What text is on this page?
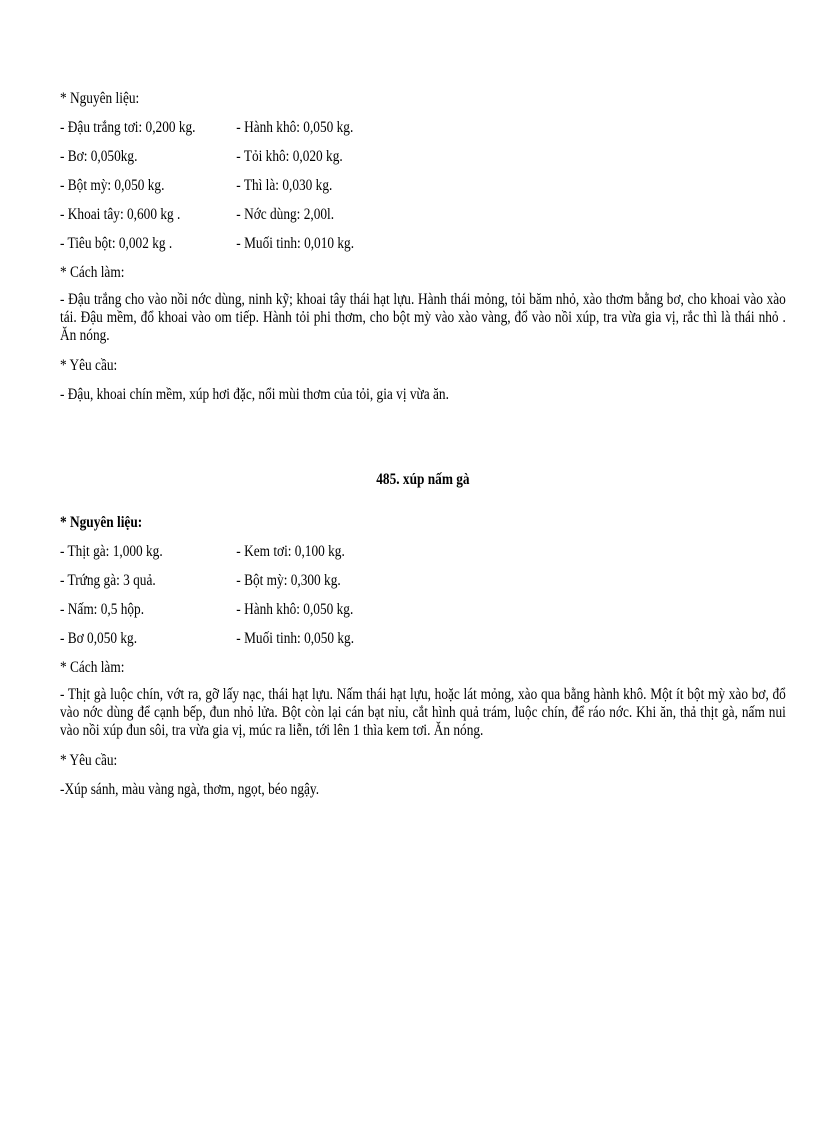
* Nguyên liệu:
- Đậu trắng tơi: 0,200 kg.	- Hành khô: 0,050 kg.
- Bơ: 0,050kg.	- Tỏi khô: 0,020 kg.
- Bột mỳ: 0,050 kg.	- Thì là: 0,030 kg.
- Khoai tây: 0,600 kg .	- Nớc dùng: 2,00l.
- Tiêu bột: 0,002 kg .	- Muối tinh: 0,010 kg.
* Cách làm:
- Đậu trắng cho vào nồi nớc dùng, ninh kỹ; khoai tây thái hạt lựu. Hành thái mỏng, tỏi băm nhỏ, xào thơm bằng bơ, cho khoai vào xào tái. Đậu mềm, đổ khoai vào om tiếp. Hành tỏi phi thơm, cho bột mỳ vào xào vàng, đổ vào nồi xúp, tra vừa gia vị, rắc thì là thái nhỏ . Ăn nóng.
* Yêu cầu:
- Đậu, khoai chín mềm, xúp hơi đặc, nổi mùi thơm của tỏi, gia vị vừa ăn.
485. xúp nấm gà
* Nguyên liệu:
- Thịt gà: 1,000 kg.	- Kem tơi: 0,100 kg.
- Trứng gà: 3 quả.	- Bột mỳ: 0,300 kg.
- Nấm: 0,5 hộp.	- Hành khô: 0,050 kg.
- Bơ 0,050 kg.	- Muối tinh: 0,050 kg.
* Cách làm:
- Thịt gà luộc chín, vớt ra, gỡ lấy nạc, thái hạt lựu. Nấm thái hạt lựu, hoặc lát mỏng, xào qua bằng hành khô. Một ít bột mỳ xào bơ, đổ vào nớc dùng để cạnh bếp, đun nhỏ lửa. Bột còn lại cán bạt nỉu, cắt hình quả trám, luộc chín, để ráo nớc. Khi ăn, thả thịt gà, nấm nui vào nồi xúp đun sôi, tra vừa gia vị, múc ra liễn, tới lên 1 thìa kem tơi. Ăn nóng.
* Yêu cầu:
-Xúp sánh, màu vàng ngà, thơm, ngọt, béo ngậy.
